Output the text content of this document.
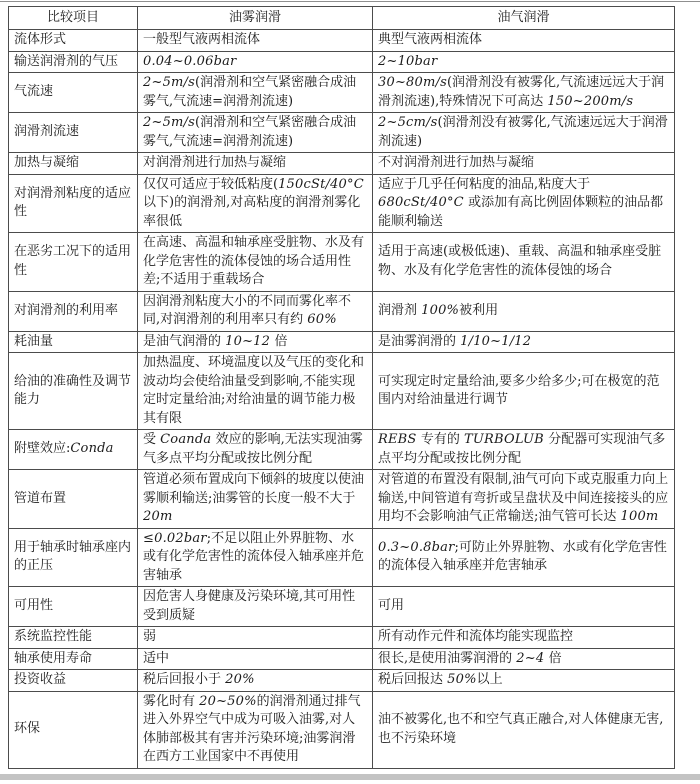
比较项目	油雾润滑	油气润滑
流体形式	一般型气液两相流体	典型气液两相流体
输送润滑剂的气压	0.04~0.06bar	2~10bar
气流速	2~5m/s(润滑剂和空气紧密融合成油雾气,气流速=润滑剂流速)	30~80m/s(润滑剂没有被雾化,气流速远远大于润滑剂流速),特殊情况下可高达 150~200m/s
润滑剂流速	2~5m/s(润滑剂和空气紧密融合成油雾气,气流速=润滑剂流速)	2~5cm/s(润滑剂没有被雾化,气流速远远大于润滑剂流速)
加热与凝缩	对润滑剂进行加热与凝缩	不对润滑剂进行加热与凝缩
对润滑剂粘度的适应性	仅仅可适应于较低粘度(150cSt/40°C 以下)的润滑剂,对高粘度的润滑剂雾化率很低	适应于几乎任何粘度的油品,粘度大于 680cSt/40°C 或添加有高比例固体颗粒的油品都能顺利输送
在恶劣工况下的适用性	在高速、高温和轴承座受脏物、水及有化学危害性的流体侵蚀的场合适用性差;不适用于重载场合	适用于高速(或极低速)、重载、高温和轴承座受脏物、水及有化学危害性的流体侵蚀的场合
对润滑剂的利用率	因润滑剂粘度大小的不同而雾化率不同,对润滑剂的利用率只有约 60%	润滑剂 100%被利用
耗油量	是油气润滑的 10~12 倍	是油雾润滑的 1/10~1/12
给油的准确性及调节能力	加热温度、环境温度以及气压的变化和波动均会使给油量受到影响,不能实现定时定量给油;对给油量的调节能力极其有限	可实现定时定量给油,要多少给多少;可在极宽的范围内对给油量进行调节
附壁效应:Conda	受 Coanda 效应的影响,无法实现油雾气多点平均分配或按比例分配	REBS 专有的 TURBOLUB 分配器可实现油气多点平均分配或按比例分配
管道布置	管道必须布置成向下倾斜的坡度以使油雾顺利输送;油雾管的长度一般不大于 20m	对管道的布置没有限制,油气可向下或克服重力向上输送,中间管道有弯折或呈盘状及中间连接接头的应用均不会影响油气正常输送;油气管可长达 100m
用于轴承时轴承座内的正压	≤0.02bar;不足以阻止外界脏物、水或有化学危害性的流体侵入轴承座并危害轴承	0.3~0.8bar;可防止外界脏物、水或有化学危害性的流体侵入轴承座并危害轴承
可用性	因危害人身健康及污染环境,其可用性受到质疑	可用
系统监控性能	弱	所有动作元件和流体均能实现监控
轴承使用寿命	适中	很长,是使用油雾润滑的 2~4 倍
投资收益	税后回报小于 20%	税后回报达 50%以上
环保	雾化时有 20~50%的润滑剂通过排气进入外界空气中成为可吸入油雾,对人体肺部极其有害并污染环境;油雾润滑在西方工业国家中不再使用	油不被雾化,也不和空气真正融合,对人体健康无害,也不污染环境
